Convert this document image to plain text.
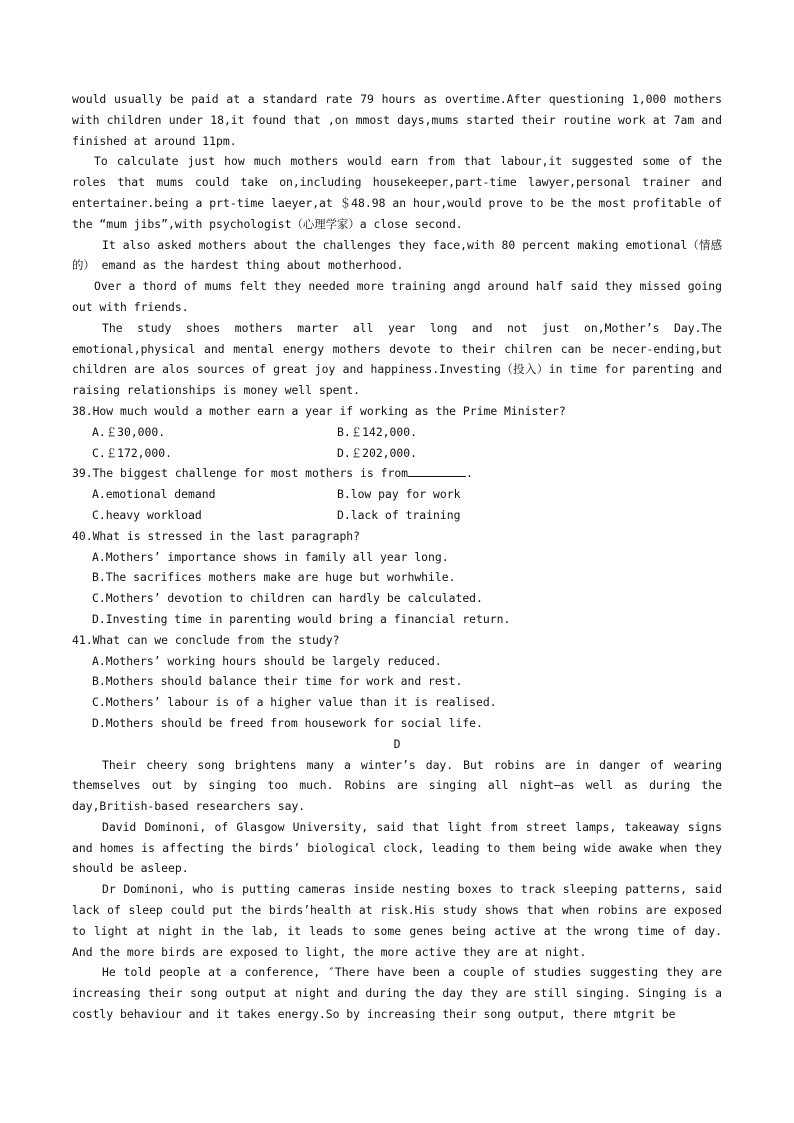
would usually be paid at a standard rate 79 hours as overtime.After questioning 1,000 mothers with children under 18,it found that ,on mmost days,mums started their routine work at 7am and finished at around 11pm.

To calculate just how much mothers would earn from that labour,it suggested some of the roles that mums could take on,including housekeeper,part-time lawyer,personal trainer and entertainer.being a prt-time laeyer,at ＄48.98 an hour,would prove to be the most profitable of the “mum jibs”,with psychologist（心理学家）a close second.

It also asked mothers about the challenges they face,with 80 percent making emotional（情感的） emand as the hardest thing about motherhood.

Over a thord of mums felt they needed more training angd around half said they missed going out with friends.

The study shoes mothers marter all year long and not just on,Mother’s Day.The emotional,physical and mental energy mothers devote to their chilren can be necer-ending,but children are alos sources of great joy and happiness.Investing（投入）in time for parenting and raising relationships is money well spent.

38.How much would a mother earn a year if working as the Prime Minister?
A.￡30,000.	B.￡142,000.
C.￡172,000.	D.￡202,000.
39.The biggest challenge for most mothers is from	.
A.emotional demand	B.low pay for work
C.heavy workload	D.lack of training
40.What is stressed in the last paragraph?
A.Mothers’ importance shows in family all year long.
B.The sacrifices mothers make are huge but worhwhile.
C.Mothers’ devotion to children can hardly be calculated.
D.Investing time in parenting would bring a financial return.
41.What can we conclude from the study?
A.Mothers’ working hours should be largely reduced.
B.Mothers should balance their time for work and rest.
C.Mothers’ labour is of a higher value than it is realised.
D.Mothers should be freed from housework for social life.
D

Their cheery song brightens many a winter’s day. But robins are in danger of wearing themselves out by singing too much. Robins are singing all night—as well as during the day,British-based researchers say.

David Dominoni, of Glasgow University, said that light from street lamps, takeaway signs and homes is affecting the birds’ biological clock, leading to them being wide awake when they should be asleep.

Dr Dominoni, who is putting cameras inside nesting boxes to track sleeping patterns, said lack of sleep could put the birds’health at risk.His study shows that when robins are exposed to light at night in the lab, it leads to some genes being active at the wrong time of day. And the more birds are exposed to light, the more active they are at night.

He told people at a conference, ″There have been a couple of studies suggesting they are increasing their song output at night and during the day they are still singing. Singing is a costly behaviour and it takes energy.So by increasing their song output, there mtgrit be
